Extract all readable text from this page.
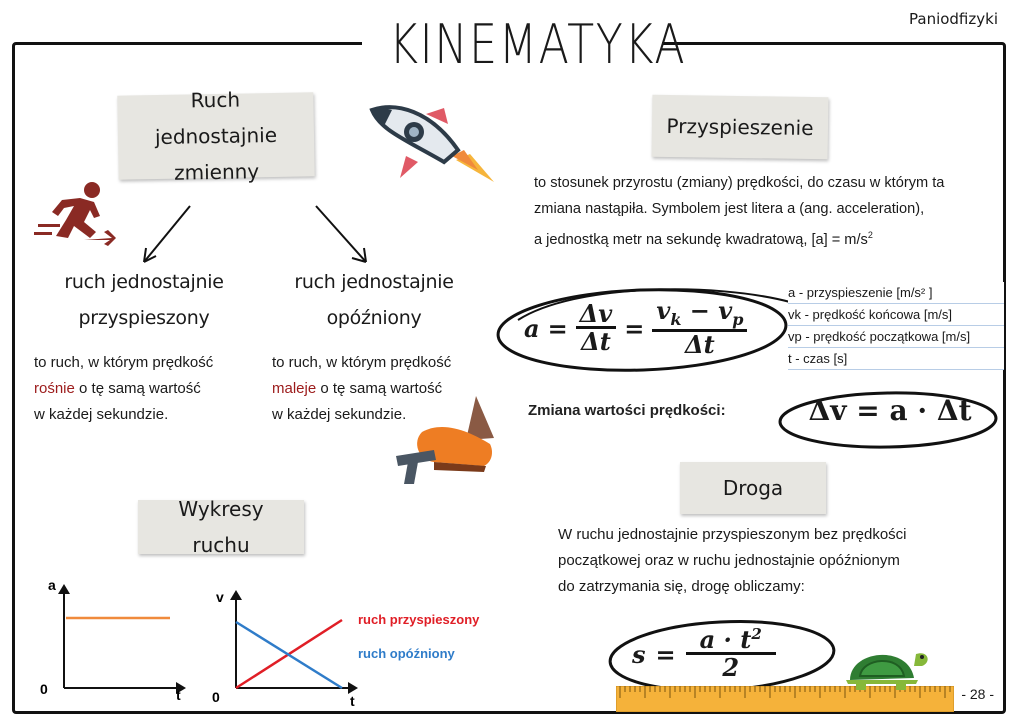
KINEMATYKA	Paniodfizyki
Ruch jednostajnie
zmienny
ruch jednostajnie
przyspieszony
ruch jednostajnie
opóźniony
to ruch, w którym prędkość
rośnie o tę samą wartość
w każdej sekundzie.
to ruch, w którym prędkość
maleje o tę samą wartość
w każdej sekundzie.
Wykresy ruchu
a
0	t
v
0	t
ruch przyspieszony
ruch opóźniony
Przyspieszenie
to stosunek przyrostu (zmiany) prędkości, do czasu w którym ta
zmiana nastąpiła. Symbolem jest litera a (ang. acceleration),
a jednostką metr na sekundę kwadratową, $[a] = m/s^2$
$a = \frac{\Delta v}{\Delta t} = \frac{v_k - v_p}{\Delta t}$
a - przyspieszenie [m/s² ]
vk - prędkość końcowa [m/s]
vp - prędkość początkowa [m/s]
t - czas [s]
Zmiana wartości prędkości:	Δv = a · Δt
Droga
W ruchu jednostajnie przyspieszonym bez prędkości
początkowej oraz w ruchu jednostajnie opóźnionym
do zatrzymania się, drogę obliczamy:
$s = \frac{a \cdot t^2}{2}$
- 28 -
